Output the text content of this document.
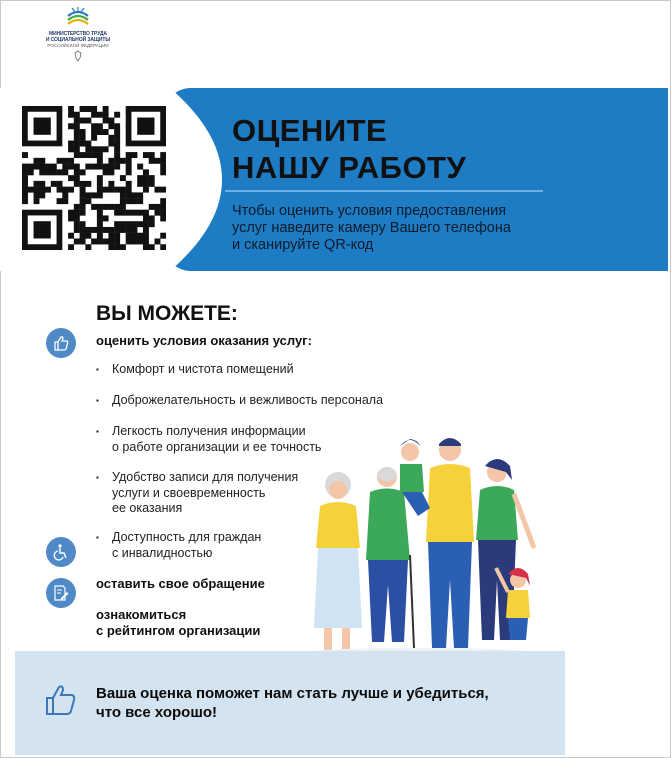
МИНИСТЕРСТВО ТРУДА
И СОЦИАЛЬНОЙ ЗАЩИТЫ
РОССИЙСКОЙ ФЕДЕРАЦИИ
ОЦЕНИТЕ
НАШУ РАБОТУ
Чтобы оценить условия предоставления
услуг наведите камеру Вашего телефона
и сканируйте QR-код
ВЫ МОЖЕТЕ:
оценить условия оказания услуг:
▪ Комфорт и чистота помещений
▪ Доброжелательность и вежливость персонала
▪ Легкость получения информации
о работе организации и ее точность
▪ Удобство записи для получения
услуги и своевременность
ее оказания
▪ Доступность для граждан
с инвалидностью
оставить свое обращение
ознакомиться
с рейтингом организации
Ваша оценка поможет нам стать лучше и убедиться,
что все хорошо!
